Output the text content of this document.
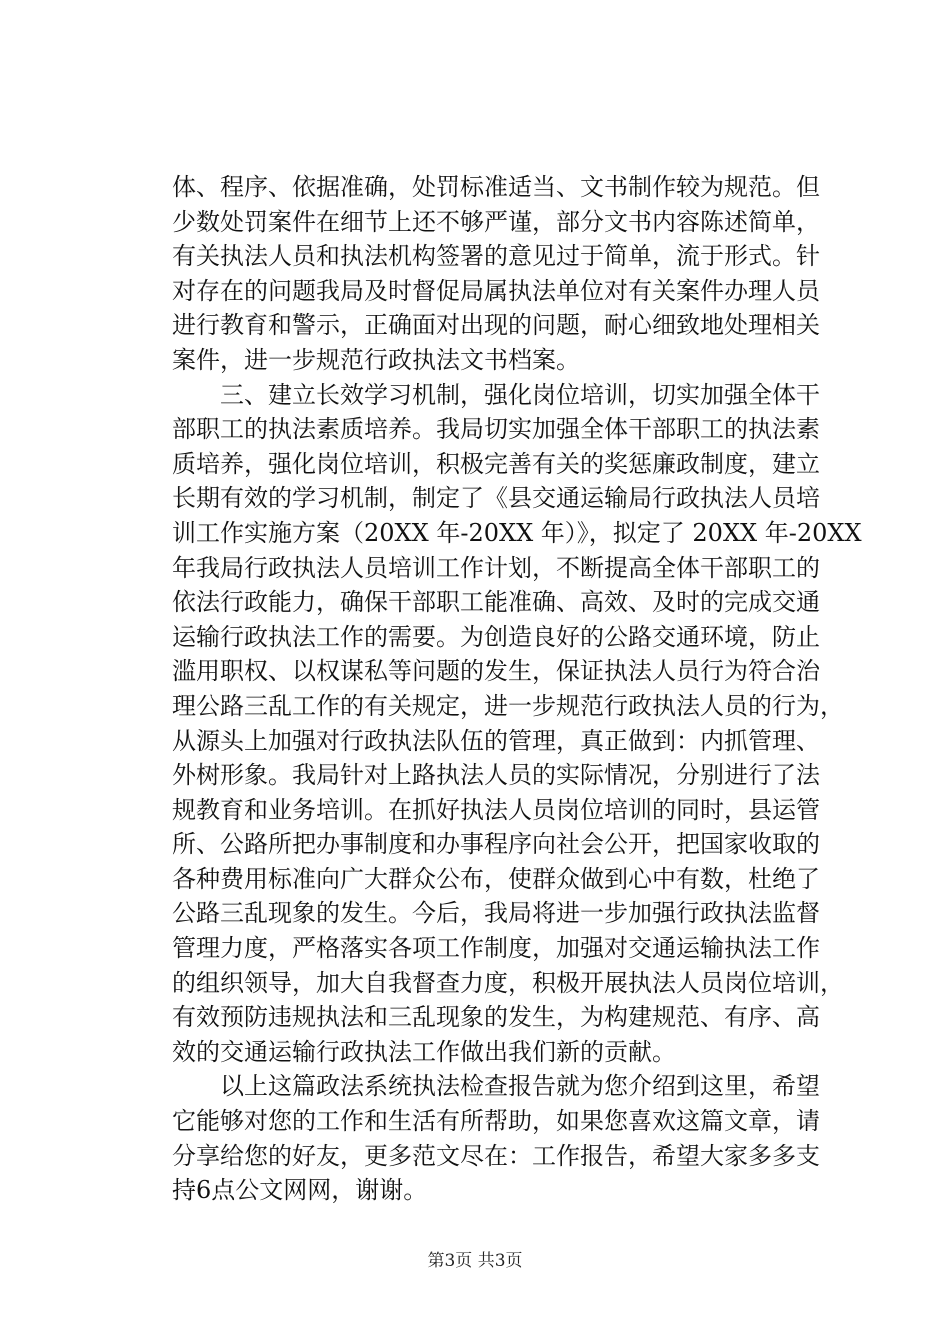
体、程序、依据准确，处罚标准适当、文书制作较为规范。但
少数处罚案件在细节上还不够严谨，部分文书内容陈述简单，
有关执法人员和执法机构签署的意见过于简单，流于形式。针
对存在的问题我局及时督促局属执法单位对有关案件办理人员
进行教育和警示，正确面对出现的问题，耐心细致地处理相关
案件，进一步规范行政执法文书档案。
　　三、建立长效学习机制，强化岗位培训，切实加强全体干
部职工的执法素质培养。我局切实加强全体干部职工的执法素
质培养，强化岗位培训，积极完善有关的奖惩廉政制度，建立
长期有效的学习机制，制定了《县交通运输局行政执法人员培
训工作实施方案（20XX 年-20XX 年）》，拟定了 20XX 年-20XX
年我局行政执法人员培训工作计划，不断提高全体干部职工的
依法行政能力，确保干部职工能准确、高效、及时的完成交通
运输行政执法工作的需要。为创造良好的公路交通环境，防止
滥用职权、以权谋私等问题的发生，保证执法人员行为符合治
理公路三乱工作的有关规定，进一步规范行政执法人员的行为，
从源头上加强对行政执法队伍的管理，真正做到：内抓管理、
外树形象。我局针对上路执法人员的实际情况，分别进行了法
规教育和业务培训。在抓好执法人员岗位培训的同时，县运管
所、公路所把办事制度和办事程序向社会公开，把国家收取的
各种费用标准向广大群众公布，使群众做到心中有数，杜绝了
公路三乱现象的发生。今后，我局将进一步加强行政执法监督
管理力度，严格落实各项工作制度，加强对交通运输执法工作
的组织领导，加大自我督查力度，积极开展执法人员岗位培训，
有效预防违规执法和三乱现象的发生，为构建规范、有序、高
效的交通运输行政执法工作做出我们新的贡献。
　　以上这篇政法系统执法检查报告就为您介绍到这里，希望
它能够对您的工作和生活有所帮助，如果您喜欢这篇文章，请
分享给您的好友，更多范文尽在：工作报告，希望大家多多支
持6点公文网网，谢谢。
第3页 共3页
